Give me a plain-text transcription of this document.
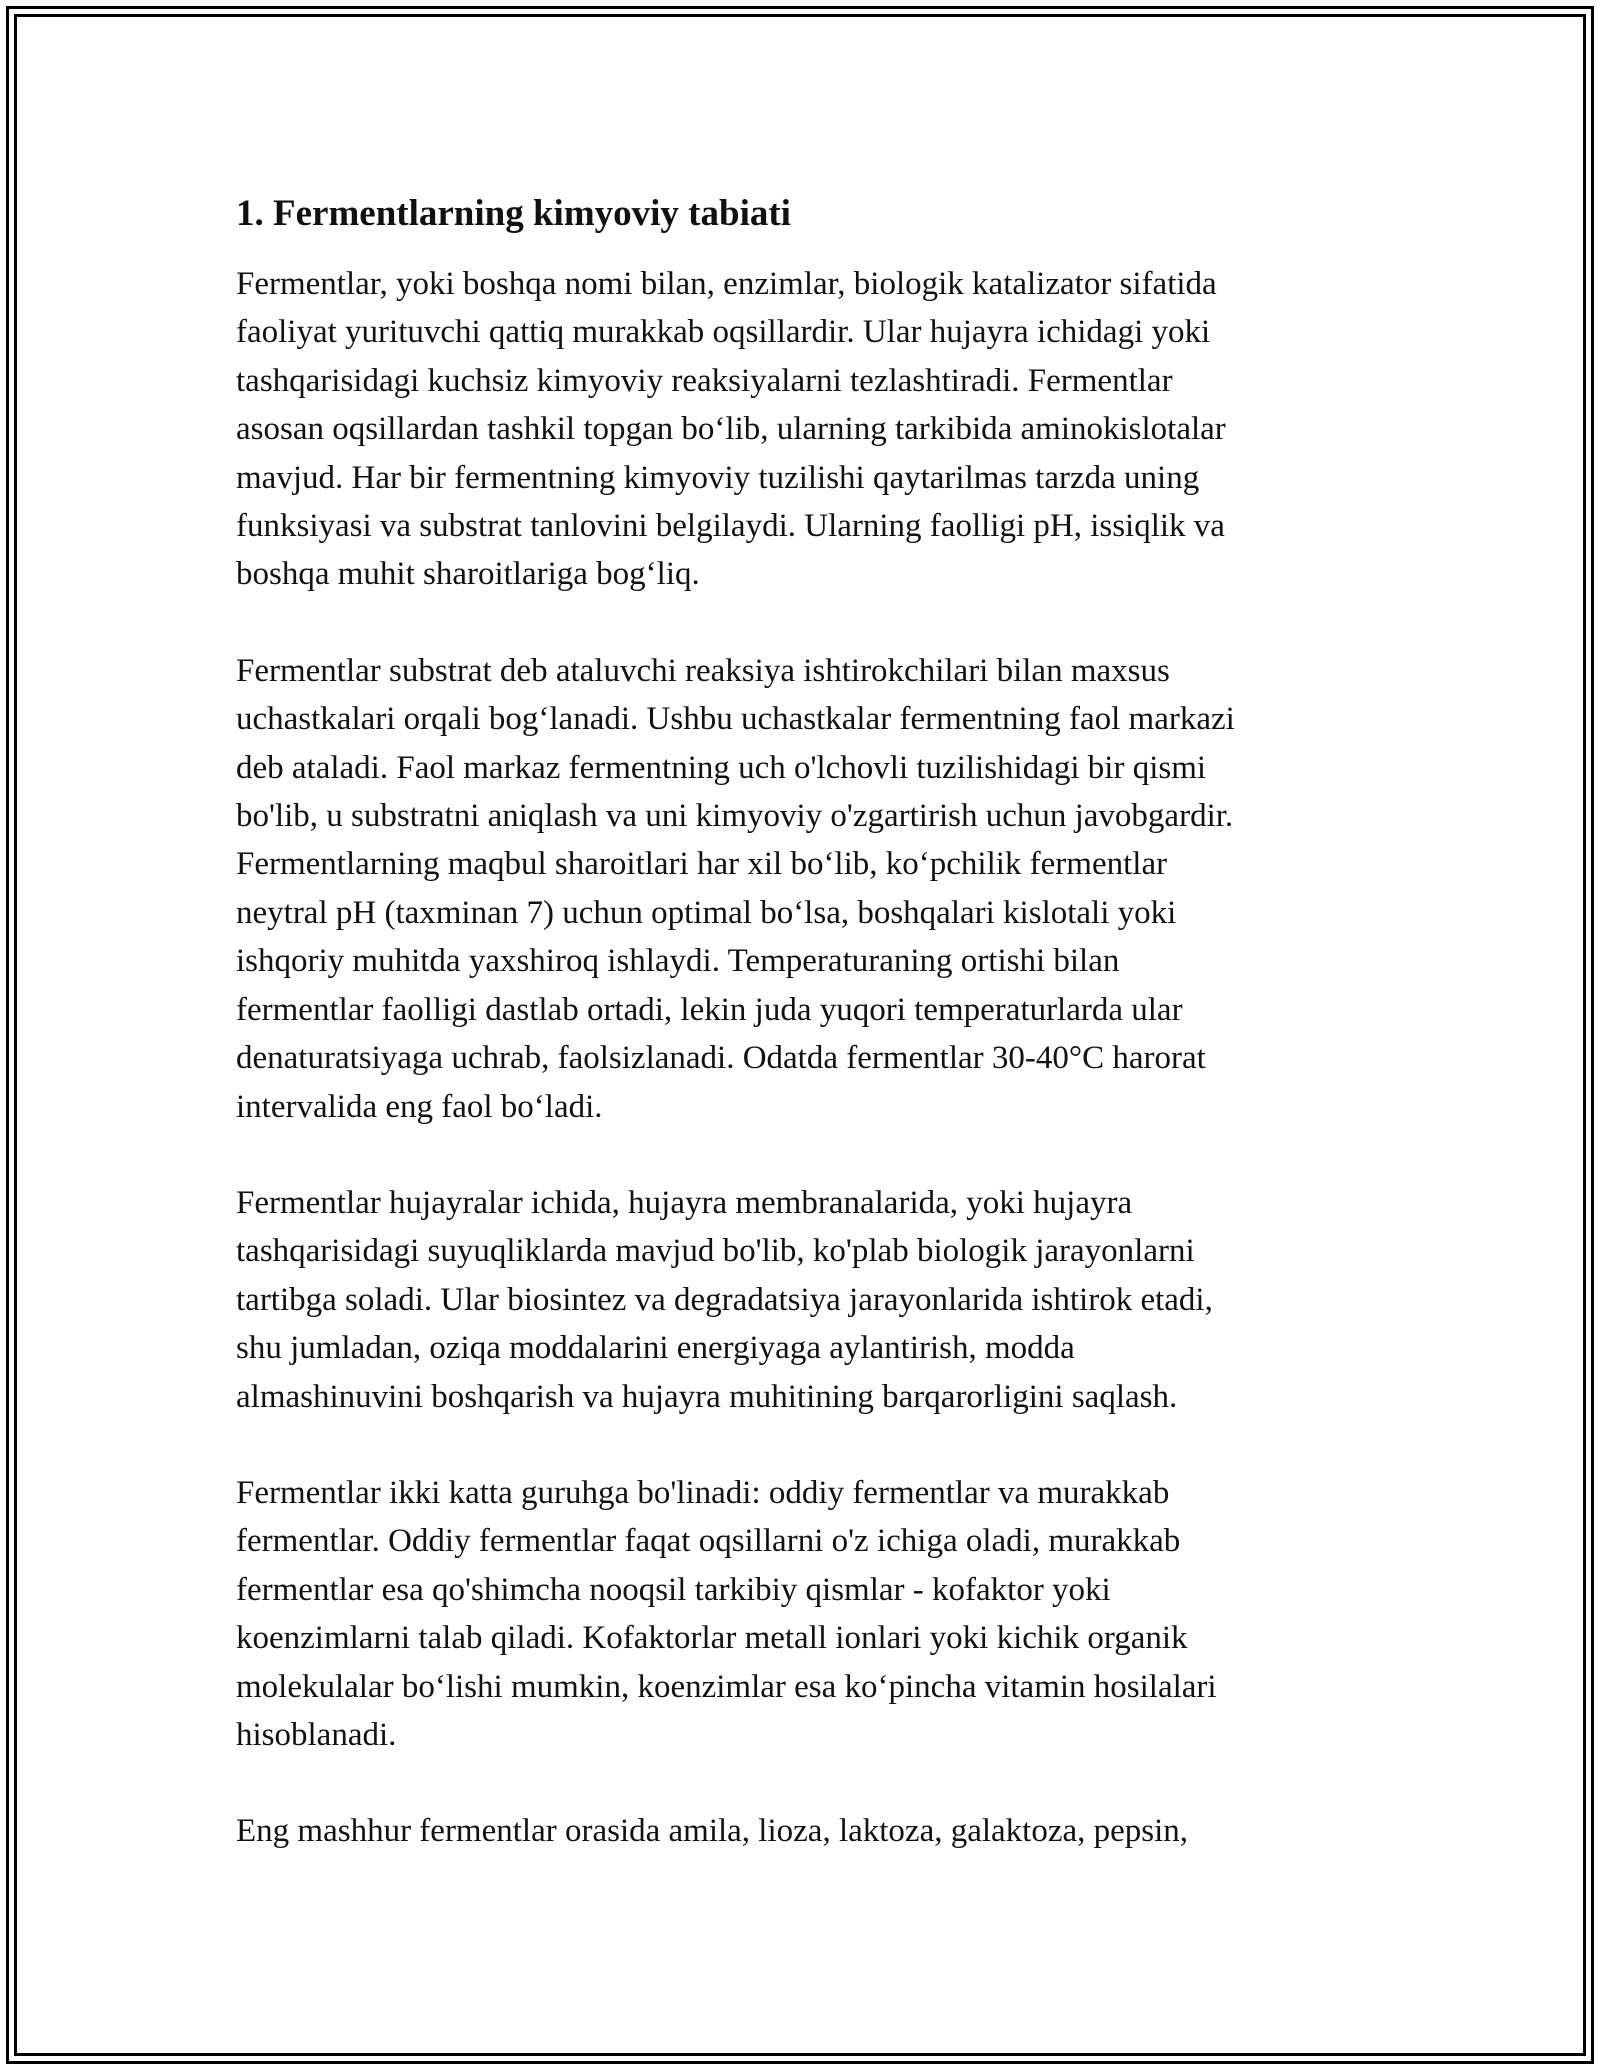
1. Fermentlarning kimyoviy tabiati

Fermentlar, yoki boshqa nomi bilan, enzimlar, biologik katalizator sifatida
faoliyat yurituvchi qattiq murakkab oqsillardir. Ular hujayra ichidagi yoki
tashqarisidagi kuchsiz kimyoviy reaksiyalarni tezlashtiradi. Fermentlar
asosan oqsillardan tashkil topgan bo‘lib, ularning tarkibida aminokislotalar
mavjud. Har bir fermentning kimyoviy tuzilishi qaytarilmas tarzda uning
funksiyasi va substrat tanlovini belgilaydi. Ularning faolligi pH, issiqlik va
boshqa muhit sharoitlariga bog‘liq.

Fermentlar substrat deb ataluvchi reaksiya ishtirokchilari bilan maxsus
uchastkalari orqali bog‘lanadi. Ushbu uchastkalar fermentning faol markazi
deb ataladi. Faol markaz fermentning uch o'lchovli tuzilishidagi bir qismi
bo'lib, u substratni aniqlash va uni kimyoviy o'zgartirish uchun javobgardir.
Fermentlarning maqbul sharoitlari har xil bo‘lib, ko‘pchilik fermentlar
neytral pH (taxminan 7) uchun optimal bo‘lsa, boshqalari kislotali yoki
ishqoriy muhitda yaxshiroq ishlaydi. Temperaturaning ortishi bilan
fermentlar faolligi dastlab ortadi, lekin juda yuqori temperaturlarda ular
denaturatsiyaga uchrab, faolsizlanadi. Odatda fermentlar 30-40°C harorat
intervalida eng faol bo‘ladi.

Fermentlar hujayralar ichida, hujayra membranalarida, yoki hujayra
tashqarisidagi suyuqliklarda mavjud bo'lib, ko'plab biologik jarayonlarni
tartibga soladi. Ular biosintez va degradatsiya jarayonlarida ishtirok etadi,
shu jumladan, oziqa moddalarini energiyaga aylantirish, modda
almashinuvini boshqarish va hujayra muhitining barqarorligini saqlash.

Fermentlar ikki katta guruhga bo'linadi: oddiy fermentlar va murakkab
fermentlar. Oddiy fermentlar faqat oqsillarni o'z ichiga oladi, murakkab
fermentlar esa qo'shimcha nooqsil tarkibiy qismlar - kofaktor yoki
koenzimlarni talab qiladi. Kofaktorlar metall ionlari yoki kichik organik
molekulalar bo‘lishi mumkin, koenzimlar esa ko‘pincha vitamin hosilalari
hisoblanadi.

Eng mashhur fermentlar orasida amila, lioza, laktoza, galaktoza, pepsin,
